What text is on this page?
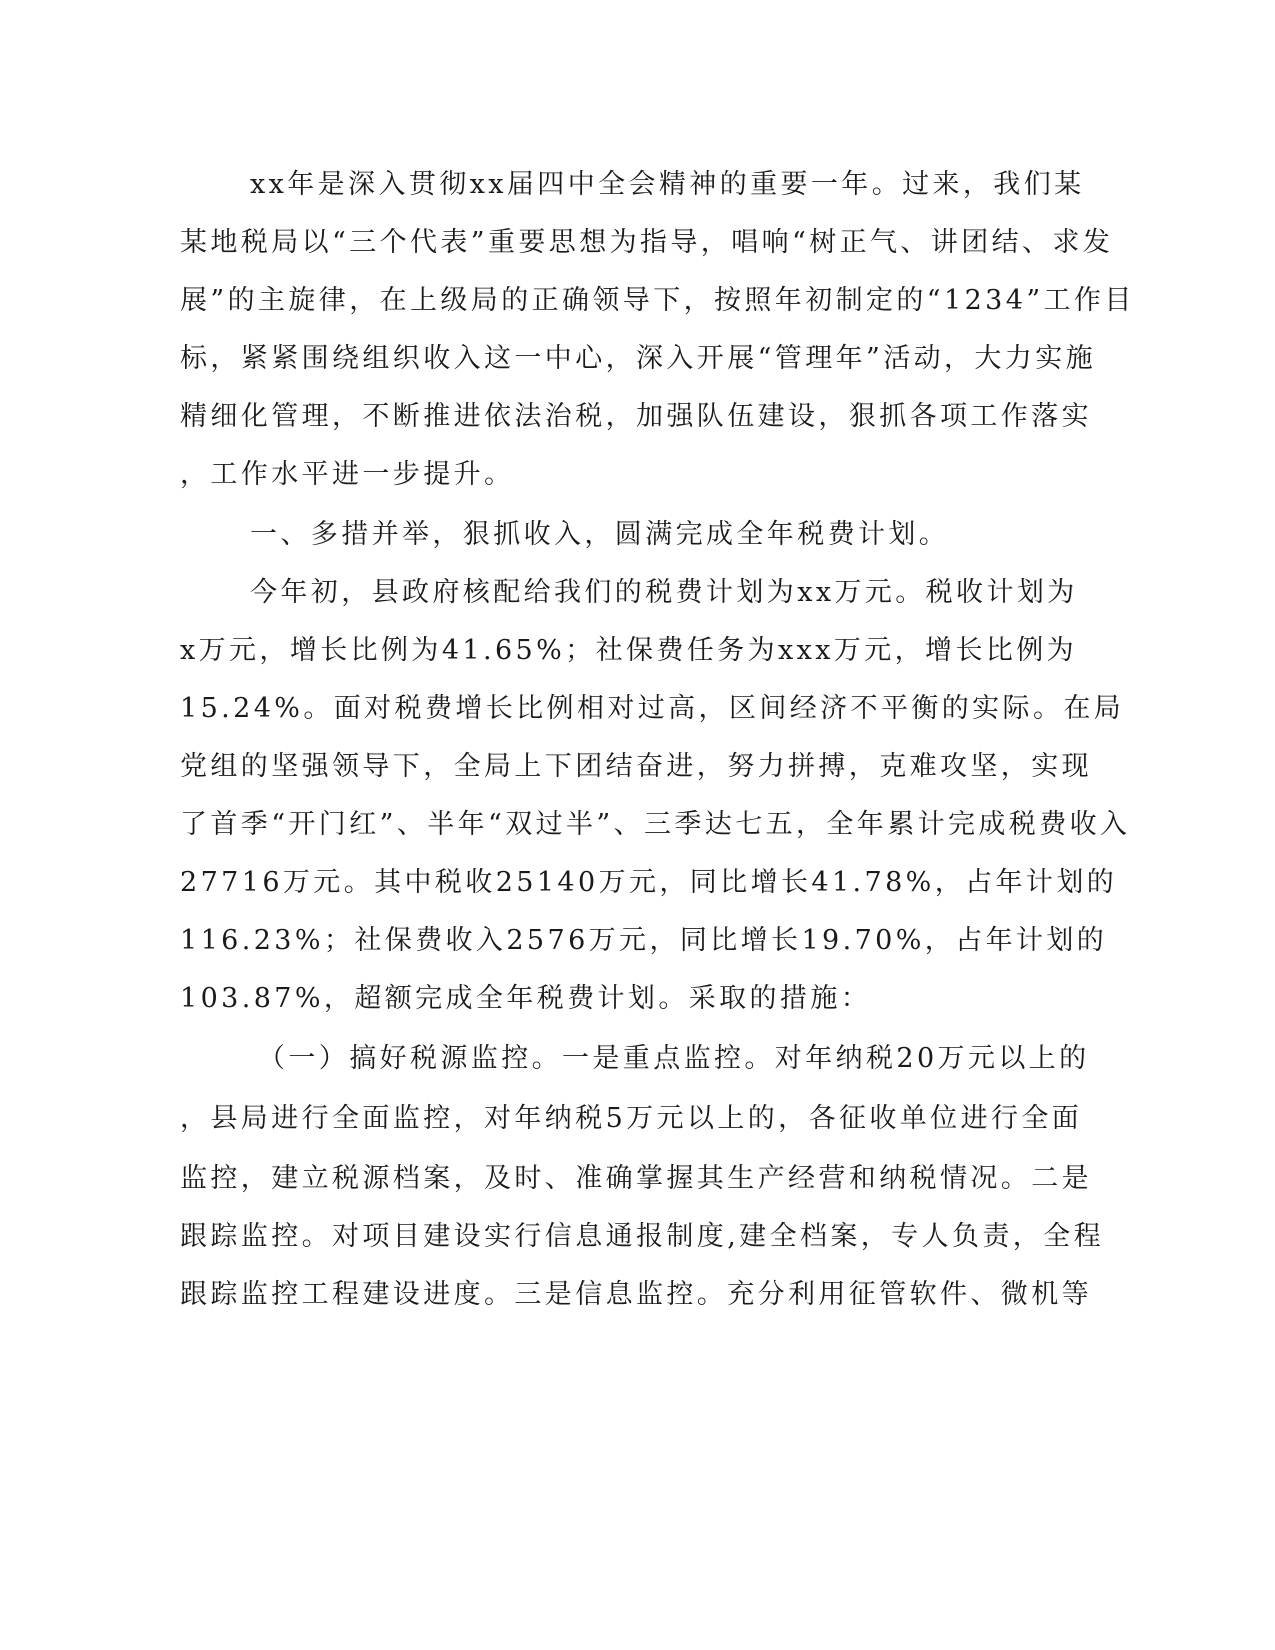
xx年是深入贯彻xx届四中全会精神的重要一年。过来，我们某
某地税局以“三个代表”重要思想为指导，唱响“树正气、讲团结、求发
展”的主旋律，在上级局的正确领导下，按照年初制定的“1234”工作目
标，紧紧围绕组织收入这一中心，深入开展“管理年”活动，大力实施
精细化管理，不断推进依法治税，加强队伍建设，狠抓各项工作落实
，工作水平进一步提升。
一、多措并举，狠抓收入，圆满完成全年税费计划。
今年初，县政府核配给我们的税费计划为xx万元。税收计划为
x万元，增长比例为41.65%；社保费任务为xxx万元，增长比例为
15.24%。面对税费增长比例相对过高，区间经济不平衡的实际。在局
党组的坚强领导下，全局上下团结奋进，努力拼搏，克难攻坚，实现
了首季“开门红”、半年“双过半”、三季达七五，全年累计完成税费收入
27716万元。其中税收25140万元，同比增长41.78%，占年计划的
116.23%；社保费收入2576万元，同比增长19.70%，占年计划的
103.87%，超额完成全年税费计划。采取的措施：
（一）搞好税源监控。一是重点监控。对年纳税20万元以上的
，县局进行全面监控，对年纳税5万元以上的，各征收单位进行全面
监控，建立税源档案，及时、准确掌握其生产经营和纳税情况。二是
跟踪监控。对项目建设实行信息通报制度,建全档案，专人负责，全程
跟踪监控工程建设进度。三是信息监控。充分利用征管软件、微机等
